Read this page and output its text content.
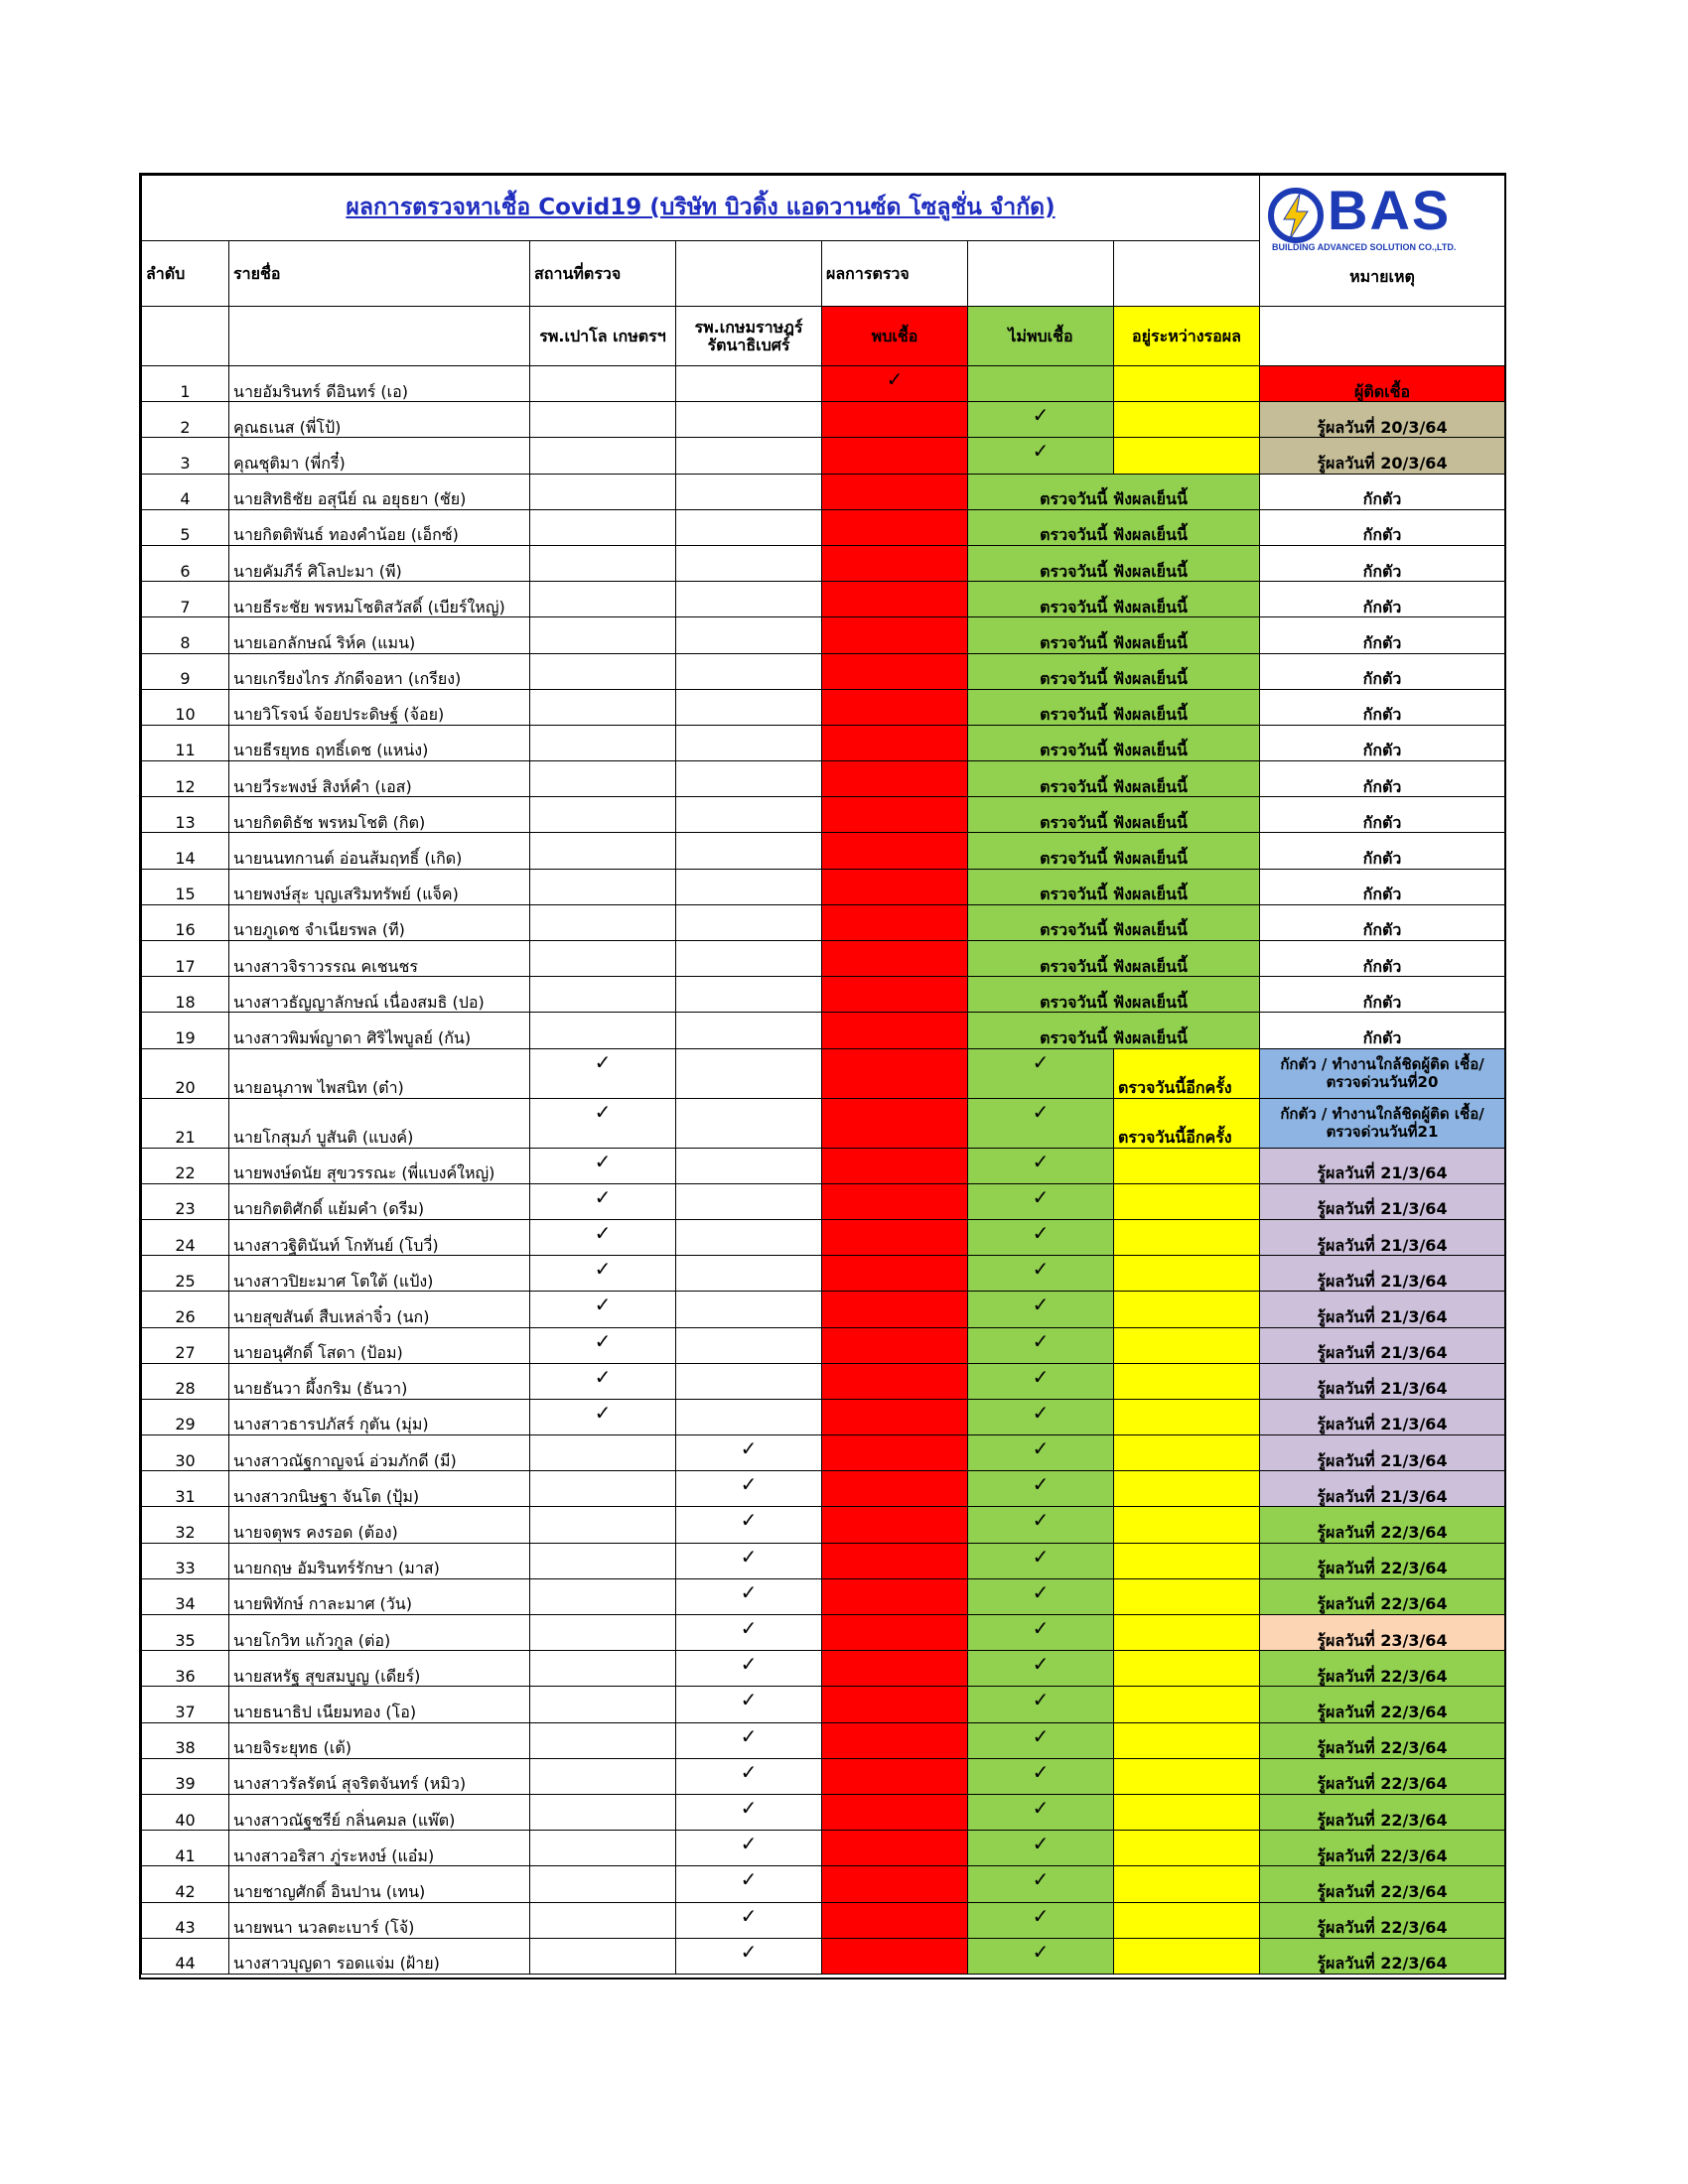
ผลการตรวจหาเชื้อ Covid19 (บริษัท บิวดิ้ง แอดวานซ์ด โซลูชั่น จำกัด)							BAS
BUILDING ADVANCED SOLUTION CO.,LTD.
หมายเหตุ

ลำดับ	รายชื่อ	สถานที่ตรวจ		ผลการตรวจ			
		รพ.เปาโล เกษตรฯ	รพ.เกษมราษฎร์ รัตนาธิเบศร์	พบเชื้อ	ไม่พบเชื้อ	อยู่ระหว่างรอผล	
1	นายอัมรินทร์ ดีอินทร์ (เอ)			✓			ผู้ติดเชื้อ
2	คุณธเนส (พี่โป้)				✓		รู้ผลวันที่ 20/3/64
3	คุณชุติมา (พี่กรี๋)				✓		รู้ผลวันที่ 20/3/64
4	นายสิทธิชัย อสุนีย์ ณ อยุธยา (ชัย)				ตรวจวันนี้ ฟังผลเย็นนี้		กักตัว
5	นายกิตติพันธ์ ทองคำน้อย (เอ็กซ์)				ตรวจวันนี้ ฟังผลเย็นนี้		กักตัว
6	นายคัมภีร์ ศิโลปะมา (พี)				ตรวจวันนี้ ฟังผลเย็นนี้		กักตัว
7	นายธีระชัย พรหมโชติสวัสดิ์ (เบียร์ใหญ่)				ตรวจวันนี้ ฟังผลเย็นนี้		กักตัว
8	นายเอกลักษณ์ ริห์ค (แมน)				ตรวจวันนี้ ฟังผลเย็นนี้		กักตัว
9	นายเกรียงไกร ภักดีจอหา (เกรียง)				ตรวจวันนี้ ฟังผลเย็นนี้		กักตัว
10	นายวิโรจน์ จ้อยประดิษฐ์ (จ้อย)				ตรวจวันนี้ ฟังผลเย็นนี้		กักตัว
11	นายธีรยุทธ ฤทธิ์เดช (แหน่ง)				ตรวจวันนี้ ฟังผลเย็นนี้		กักตัว
12	นายวีระพงษ์ สิงห์คำ (เอส)				ตรวจวันนี้ ฟังผลเย็นนี้		กักตัว
13	นายกิตติธัช พรหมโชติ (กิต)				ตรวจวันนี้ ฟังผลเย็นนี้		กักตัว
14	นายนนทกานต์ อ่อนส้มฤทธิ์ (เกิด)				ตรวจวันนี้ ฟังผลเย็นนี้		กักตัว
15	นายพงษ์สุะ บุญเสริมทรัพย์ (แจ็ค)				ตรวจวันนี้ ฟังผลเย็นนี้		กักตัว
16	นายภูเดช จำเนียรพล (ที)				ตรวจวันนี้ ฟังผลเย็นนี้		กักตัว
17	นางสาวจิราวรรณ คเชนชร				ตรวจวันนี้ ฟังผลเย็นนี้		กักตัว
18	นางสาวธัญญาลักษณ์ เนื่องสมธิ (ปอ)				ตรวจวันนี้ ฟังผลเย็นนี้		กักตัว
19	นางสาวพิมพ์ญาดา ศิริไพบูลย์ (กัน)				ตรวจวันนี้ ฟังผลเย็นนี้		กักตัว
20	นายอนุภาพ ไพสนิท (ต๋า)	✓			✓	ตรวจวันนี้อีกครั้ง	กักตัว / ทำงานใกล้ชิดผู้ติด เชื้อ/ตรวจด่วนวันที่20
21	นายโกสุมภ์ บูสันติ (แบงค์)	✓			✓	ตรวจวันนี้อีกครั้ง	กักตัว / ทำงานใกล้ชิดผู้ติด เชื้อ/ตรวจด่วนวันที่21
22	นายพงษ์ดนัย สุขวรรณะ (พี่แบงค์ใหญ่)	✓			✓		รู้ผลวันที่ 21/3/64
23	นายกิตติศักดิ์ แย้มคำ (ดรีม)	✓			✓		รู้ผลวันที่ 21/3/64
24	นางสาวฐิตินันท์ โกทันย์ (โบวี่)	✓			✓		รู้ผลวันที่ 21/3/64
25	นางสาวปิยะมาศ โตใต้ (แป้ง)	✓			✓		รู้ผลวันที่ 21/3/64
26	นายสุขสันต์ สืบเหล่าจิ๋ว (นก)	✓			✓		รู้ผลวันที่ 21/3/64
27	นายอนุศักดิ์ โสดา (ป้อม)	✓			✓		รู้ผลวันที่ 21/3/64
28	นายธันวา ผึ้งกริม (ธันวา)	✓			✓		รู้ผลวันที่ 21/3/64
29	นางสาวธารปภัสร์ กุตัน (มุ่ม)	✓			✓		รู้ผลวันที่ 21/3/64
30	นางสาวณัฐกาญจน์ อ่วมภักดี (มี)		✓		✓		รู้ผลวันที่ 21/3/64
31	นางสาวกนิษฐา จันโต (ปุ้ม)		✓		✓		รู้ผลวันที่ 21/3/64
32	นายจตุพร คงรอด (ต้อง)		✓		✓		รู้ผลวันที่ 22/3/64
33	นายกฤษ อัมรินทร์รักษา (มาส)		✓		✓		รู้ผลวันที่ 22/3/64
34	นายพิทักษ์ กาละมาศ (วัน)		✓		✓		รู้ผลวันที่ 22/3/64
35	นายโกวิท แก้วกูล (ต่อ)		✓		✓		รู้ผลวันที่ 23/3/64
36	นายสหรัฐ สุขสมบูญ (เดียร์)		✓		✓		รู้ผลวันที่ 22/3/64
37	นายธนาธิป เนียมทอง (โอ)		✓		✓		รู้ผลวันที่ 22/3/64
38	นายจิระยุทธ (เต้)		✓		✓		รู้ผลวันที่ 22/3/64
39	นางสาวรัลรัตน์ สุจริตจันทร์ (หมิว)		✓		✓		รู้ผลวันที่ 22/3/64
40	นางสาวณัฐชรีย์ กลิ่นคมล (แพ๊ต)		✓		✓		รู้ผลวันที่ 22/3/64
41	นางสาวอริสา ภู่ระหงษ์ (แอ๋ม)		✓		✓		รู้ผลวันที่ 22/3/64
42	นายชาญศักดิ์ อินปาน (เทน)		✓		✓		รู้ผลวันที่ 22/3/64
43	นายพนา นวลตะเบาร์ (โจ้)		✓		✓		รู้ผลวันที่ 22/3/64
44	นางสาวบุญดา รอดแจ่ม (ฝ้าย)		✓		✓		รู้ผลวันที่ 22/3/64
